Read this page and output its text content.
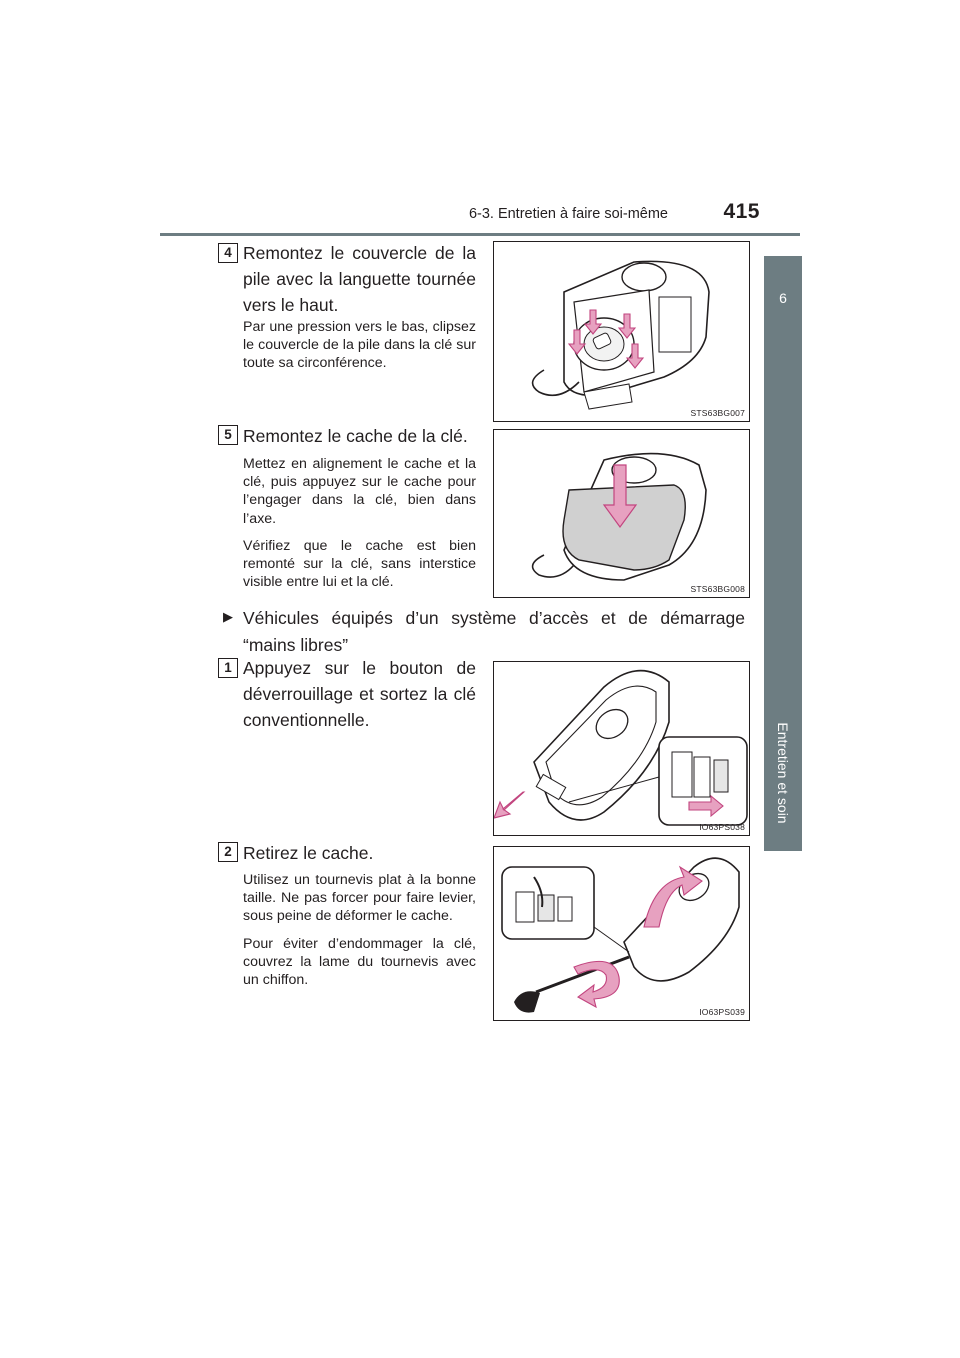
6-3. Entretien à faire soi-même	415
6
Entretien et soin
4 Remontez le couvercle de la pile avec la languette tournée vers le haut.

Par une pression vers le bas, clipsez le couvercle de la pile dans la clé sur toute sa circonférence.

STS63BG007
5 Remontez le cache de la clé.

Mettez en alignement le cache et la clé, puis appuyez sur le cache pour l’engager dans la clé, bien dans l’axe.

Vérifiez que le cache est bien remonté sur la clé, sans interstice visible entre lui et la clé.	STS63BG008
▶ Véhicules équipés d’un système d’accès et de démarrage “mains libres”
1 Appuyez sur le bouton de déverrouillage et sortez la clé conventionnelle.
IO63PS038
2 Retirez le cache.

Utilisez un tournevis plat à la bonne taille. Ne pas forcer pour faire levier, sous peine de déformer le cache.

Pour éviter d’endommager la clé, couvrez la lame du tournevis avec un chiffon.

IO63PS039
